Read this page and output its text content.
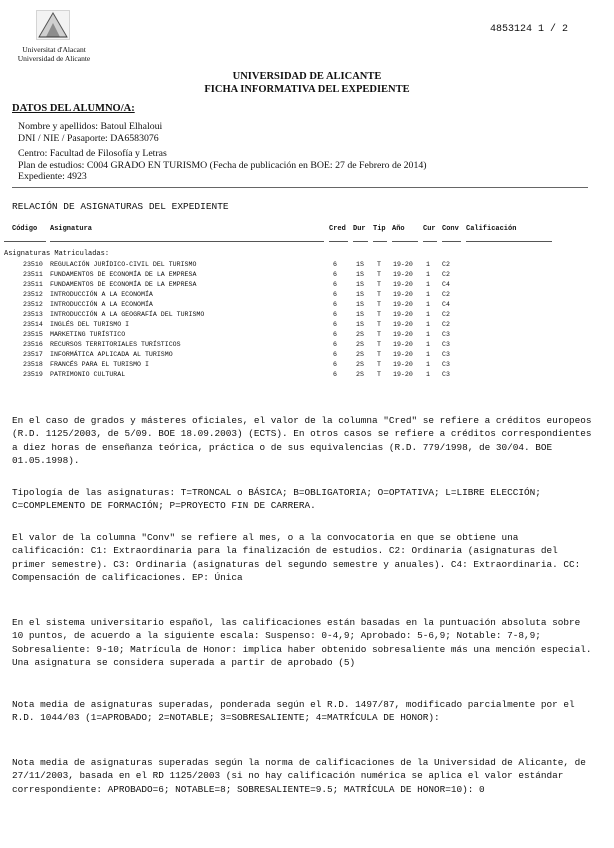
Universitat d'Alacant
Universidad de Alicante
4853124 1 / 2
UNIVERSIDAD DE ALICANTE
FICHA INFORMATIVA DEL EXPEDIENTE
DATOS DEL ALUMNO/A:
Nombre y apellidos: Batoul Elhaloui
DNI / NIE / Pasaporte: DA6583076
Centro: Facultad de Filosofía y Letras
Plan de estudios: C004 GRADO EN TURISMO (Fecha de publicación en BOE: 27 de Febrero de 2014)
Expediente: 4923
RELACIÓN DE ASIGNATURAS DEL EXPEDIENTE
Código Asignatura	Cred Dur Tip Año	Cur Conv Calificación
Asignaturas Matriculadas:
23510 REGULACIÓN JURÍDICO-CIVIL DEL TURISMO	6	1S T 19-20 1 C2
23511 FUNDAMENTOS DE ECONOMÍA DE LA EMPRESA	6	1S T 19-20 1 C2
23511 FUNDAMENTOS DE ECONOMÍA DE LA EMPRESA	6	1S T 19-20 1 C4
23512 INTRODUCCIÓN A LA ECONOMÍA	6	1S T 19-20 1 C2
23512 INTRODUCCIÓN A LA ECONOMÍA	6	1S T 19-20 1 C4
23513 INTRODUCCIÓN A LA GEOGRAFÍA DEL TURISMO	6	1S T 19-20 1 C2
23514 INGLÉS DEL TURISMO I	6	1S T 19-20 1 C2
23515 MARKETING TURÍSTICO	6	2S T 19-20 1 C3
23516 RECURSOS TERRITORIALES TURÍSTICOS	6	2S T 19-20 1 C3
23517 INFORMÁTICA APLICADA AL TURISMO	6	2S T 19-20 1 C3
23518 FRANCÉS PARA EL TURISMO I	6	2S T 19-20 1 C3
23519 PATRIMONIO CULTURAL	6	2S T 19-20 1 C3

En el caso de grados y másteres oficiales, el valor de la columna "Cred" se refiere a créditos europeos (R.D. 1125/2003, de 5/09. BOE 18.09.2003) (ECTS). En otros casos se refiere a créditos correspondientes a diez horas de enseñanza teórica, práctica o de sus equivalencias (R.D. 779/1998, de 30/04. BOE 01.05.1998).

Tipología de las asignaturas: T=TRONCAL o BÁSICA; B=OBLIGATORIA; O=OPTATIVA; L=LIBRE ELECCIÓN; C=COMPLEMENTO DE FORMACIÓN; P=PROYECTO FIN DE CARRERA.

El valor de la columna "Conv" se refiere al mes, o a la convocatoria en que se obtiene una calificación: C1: Extraordinaria para la finalización de estudios. C2: Ordinaria (asignaturas del primer semestre). C3: Ordinaria (asignaturas del segundo semestre y anuales). C4: Extraordinaria. CC: Compensación de calificaciones. EP: Única

En el sistema universitario español, las calificaciones están basadas en la puntuación absoluta sobre 10 puntos, de acuerdo a la siguiente escala: Suspenso: 0-4,9; Aprobado: 5-6,9; Notable: 7-8,9; Sobresaliente: 9-10; Matrícula de Honor: implica haber obtenido sobresaliente más una mención especial. Una asignatura se considera superada a partir de aprobado (5)

Nota media de asignaturas superadas, ponderada según el R.D. 1497/87, modificado parcialmente por el R.D. 1044/03 (1=APROBADO; 2=NOTABLE; 3=SOBRESALIENTE; 4=MATRÍCULA DE HONOR):

Nota media de asignaturas superadas según la norma de calificaciones de la Universidad de Alicante, de 27/11/2003, basada en el RD 1125/2003 (si no hay calificación numérica se aplica el valor estándar correspondiente: APROBADO=6; NOTABLE=8; SOBRESALIENTE=9.5; MATRÍCULA DE HONOR=10): 0
